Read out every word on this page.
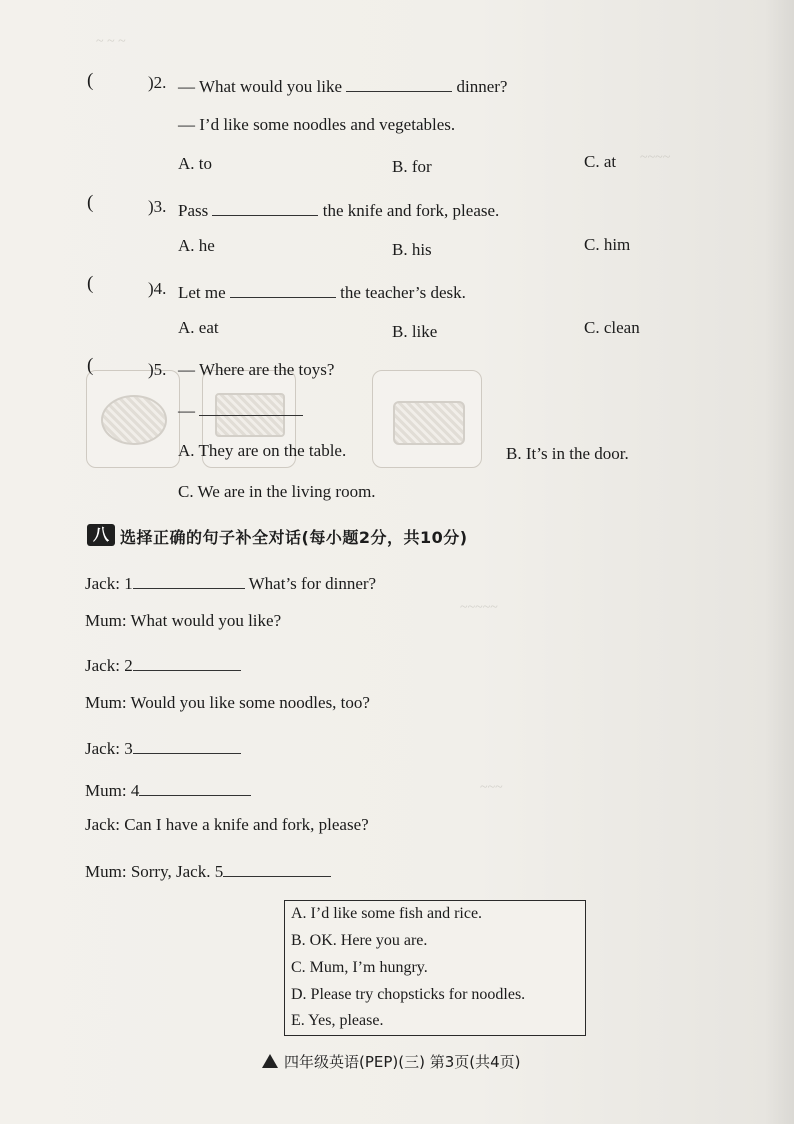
~ ~ ~
~~~~
~~~~~
~~~
(	)2. — What would you like	dinner?
— I’d like some noodles and vegetables.
A. to	B. for	C. at
(	)3. Pass	the knife and fork, please.
A. he	B. his	C. him
(	)4. Let me	the teacher’s desk.
A. eat	B. like	C. clean
(	)5. — Where are the toys?
—
A. They are on the table.	B. It’s in the door.
C. We are in the living room.
八 选择正确的句子补全对话(每小题2分，共10分)
Jack: 1	What’s for dinner?
Mum: What would you like?
Jack: 2
Mum: Would you like some noodles, too?
Jack: 3
Mum: 4
Jack: Can I have a knife and fork, please?
Mum: Sorry, Jack. 5
A. I’d like some fish and rice.
B. OK. Here you are.
C. Mum, I’m hungry.
D. Please try chopsticks for noodles.
E. Yes, please.
四年级英语(PEP)(三) 第3页(共4页)
